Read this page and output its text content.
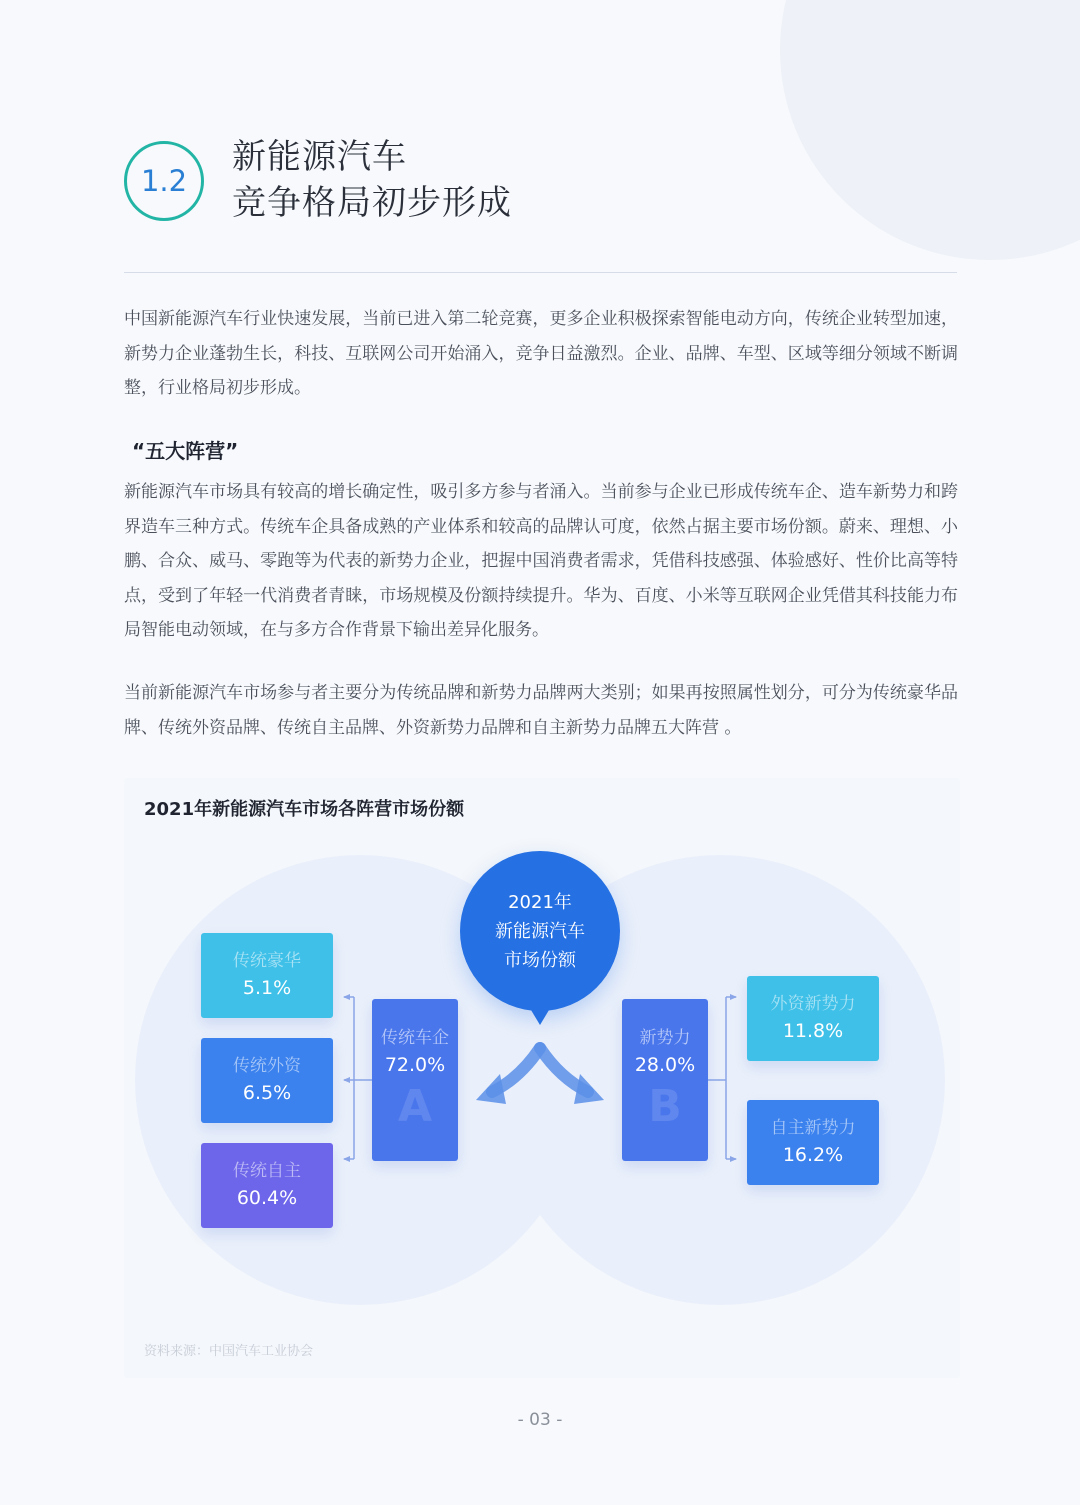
1.2
新能源汽车
竞争格局初步形成

中国新能源汽车行业快速发展，当前已进入第二轮竞赛，更多企业积极探索智能电动方向，传统企业转型加速，新势力企业蓬勃生长，科技、互联网公司开始涌入，竞争日益激烈。企业、品牌、车型、区域等细分领域不断调整，行业格局初步形成。

“五大阵营”

新能源汽车市场具有较高的增长确定性，吸引多方参与者涌入。当前参与企业已形成传统车企、造车新势力和跨界造车三种方式。传统车企具备成熟的产业体系和较高的品牌认可度，依然占据主要市场份额。蔚来、理想、小鹏、合众、威马、零跑等为代表的新势力企业，把握中国消费者需求，凭借科技感强、体验感好、性价比高等特点，受到了年轻一代消费者青睐，市场规模及份额持续提升。华为、百度、小米等互联网企业凭借其科技能力布局智能电动领域，在与多方合作背景下输出差异化服务。

当前新能源汽车市场参与者主要分为传统品牌和新势力品牌两大类别；如果再按照属性划分，可分为传统豪华品牌、传统外资品牌、传统自主品牌、外资新势力品牌和自主新势力品牌五大阵营 。

2021年新能源汽车市场各阵营市场份额
2021年
新能源汽车
市场份额
传统豪华
5.1%
传统外资
6.5%
传统自主
60.4%
传统车企
72.0%
A
新势力
28.0%
B
外资新势力
11.8%
自主新势力
16.2%
资料来源：中国汽车工业协会
- 03 -
